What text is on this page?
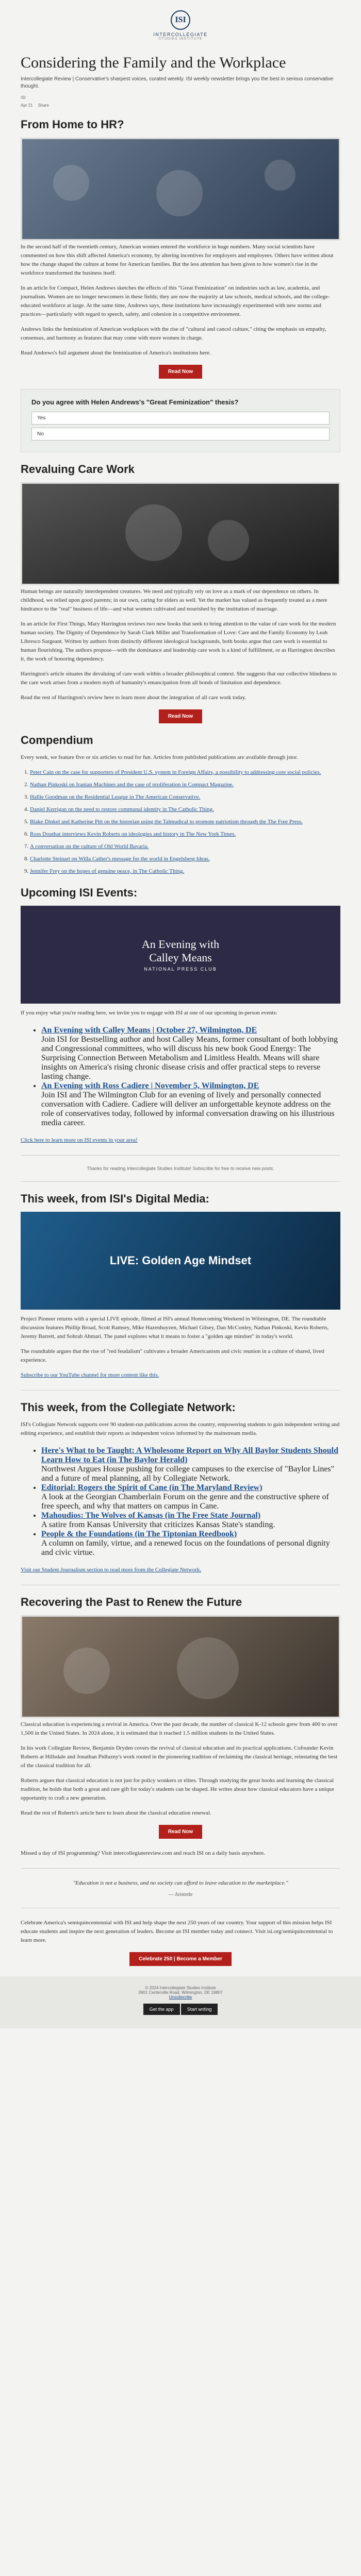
ISI
INTERCOLLEGIATE
STUDIES INSTITUTE
Considering the Family and the Workplace
Intercollegiate Review | Conservative's sharpest voices, curated weekly. ISI weekly newsletter brings you the best in serious conservative thought.
ISI
Apr 21 Share
From Home to HR?

In the second half of the twentieth century, American women entered the workforce in huge numbers. Many social scientists have commented on how this shift affected America's economy, by altering incentives for employers and employees. Others have written about how the change shaped the culture at home for American families. But the less attention has been given to how women's rise in the workforce transformed the business itself.

In an article for Compact, Helen Andrews sketches the effects of this "Great Feminization" on industries such as law, academia, and journalism. Women are no longer newcomers in these fields; they are now the majority at law schools, medical schools, and the college-educated workforce at large. At the same time, Andrews says, these institutions have increasingly experimented with new norms and practices—particularly with regard to speech, safety, and cohesion in a competitive environment.

Andrews links the feminization of American workplaces with the rise of "cultural and cancel culture," citing the emphasis on empathy, consensus, and harmony as features that may come with more women in charge.

Read Andrews's full argument about the feminization of America's institutions here.

Read Now
Do you agree with Helen Andrews's "Great Feminization" thesis?
Yes
No
Revaluing Care Work

Human beings are naturally interdependent creatures. We need and typically rely on love as a mark of our dependence on others. In childhood, we relied upon good parents; in our own, caring for elders as well. Yet the market has valued as frequently treated as a mere hindrance to the "real" business of life—and what women cultivated and nourished by the institution of marriage.

In an article for First Things, Mary Harrington reviews two new books that seek to bring attention to the value of care work for the modern human society. The Dignity of Dependence by Sarah Clark Miller and Transformation of Love: Care and the Family Economy by Leah Libresco Sargeant. Written by authors from distinctly different ideological backgrounds, both books argue that care work is essential to human flourishing. The authors propose—with the dominance and leadership care work is a kind of fulfillment, or as Harrington describes it, the work of honoring dependency.

Harrington's article situates the devaluing of care work within a broader philosophical context. She suggests that our collective blindness to the care work arises from a modern myth of humanity's emancipation from all bonds of limitation and dependence.

Read the rest of Harrington's review here to learn more about the integration of all care work today.

Read Now
Compendium

Every week, we feature five or six articles to read for fun. Articles from published publications are available through jstor.

1. Peter Cain on the case for supporters of President U.S. system in Foreign Affairs, a possibility to addressing core social policies.
2. Nathan Pinkoski on Iranian Machines and the case of proliferation in Compact Magazine.
3. Hallie Goodman on the Residential League in The American Conservative.
4. Daniel Kerrigan on the need to restore communal identity in The Catholic Thing.
5. Blake Dinkel and Katherine Pitt on the historian using the Talmudical to promote patriotism through the The Free Press.
6. Ross Douthat interviews Kevin Roberts on ideologies and history in The New York Times.
7. A conversation on the culture of Old World Bavaria.
8. Charlotte Steinart on Willa Cather's message for the world in Engelsberg Ideas.
9. Jennifer Frey on the hopes of genuine peace, in The Catholic Thing.
Upcoming ISI Events:
An Evening with
Calley Means
NATIONAL PRESS CLUB

If you enjoy what you're reading here, we invite you to engage with ISI at one of our upcoming in-person events:

• An Evening with Calley Means | October 27, Wilmington, DE
Join ISI for Bestselling author and host Calley Means, former consultant of both lobbying and Congressional committees, who will discuss his new book Good Energy: The Surprising Connection Between Metabolism and Limitless Health. Means will share insights on America's rising chronic disease crisis and offer practical steps to reverse lasting change.
• An Evening with Ross Cadiere | November 5, Wilmington, DE
Join ISI and The Wilmington Club for an evening of lively and personally connected conversation with Cadiere. Cadiere will deliver an unforgettable keynote address on the role of conservatives today, followed by informal conversation drawing on his illustrious media career.

Click here to learn more on ISI events in your area!

Thanks for reading Intercollegiate Studies Institute! Subscribe for free to receive new posts.
This week, from ISI's Digital Media:
LIVE: Golden Age Mindset

Project Pioneer returns with a special LIVE episode, filmed at ISI's annual Homecoming Weekend in Wilmington, DE. The roundtable discussion features Phillip Broad, Scott Ramsey, Mike Hazenhuyzen, Michael Gilsey, Dan McConley, Nathan Pinkoski, Kevin Roberts, Jeremy Barrett, and Sohrab Ahmari. The panel explores what it means to foster a "golden age mindset" in today's world.

The roundtable argues that the rise of "red feudalism" cultivates a broader Americanism and civic reunion in a culture of shared, lived experience.

Subscribe to our YouTube channel for more content like this.

This week, from the Collegiate Network:

ISI's Collegiate Network supports over 90 student-run publications across the country, empowering students to gain independent writing and editing experience, and establish their reports as independent voices informed by the mainstream media.

• Here's What to be Taught: A Wholesome Report on Why All Baylor Students Should Learn How to Eat (in The Baylor Herald)
Northwest Argues House pushing for college campuses to the exercise of "Baylor Lines" and a future of meal planning, all by Collegiate Network.
• Editorial: Rogers the Spirit of Cane (in The Maryland Review)
A look at the Georgian Chamberlain Forum on the genre and the constructive sphere of free speech, and why that matters on campus in Cane.
• Mahoudios: The Wolves of Kansas (in The Free State Journal)
A satire from Kansas University that criticizes Kansas State's standing.
• People & the Foundations (in The Tiptonian Reedbook)
A column on family, virtue, and a renewed focus on the foundations of personal dignity and civic virtue.

Visit our Student Journalism section to read more from the Collegiate Network.

Recovering the Past to Renew the Future

Classical education is experiencing a revival in America. Over the past decade, the number of classical K-12 schools grew from 400 to over 1,500 in the United States. In 2024 alone, it is estimated that it reached 1.5 million students in the United States.

In his work Collegiate Review, Benjamin Dryden covers the revival of classical education and its practical applications. Cofounder Kevin Roberts at Hillsdale and Jonathan Pidluzny's work rooted in the pioneering tradition of reclaiming the classical heritage, reinstating the best of the classical tradition for all.

Roberts argues that classical education is not just for policy wonkers or elites. Through studying the great books and learning the classical tradition, he holds that both a great and rare gift for today's students can be shaped. He writes about how classical educators have a unique opportunity to craft a new generation.

Read the rest of Roberts's article here to learn about the classical education renewal.

Read Now

Missed a day of ISI programming? Visit intercollegiatereview.com and reach ISI on a daily basis anywhere.

"Education is not a business, and no society can afford to leave education to the marketplace."
— Aristotle

Celebrate America's semiquincentennial with ISI and help shape the next 250 years of our country. Your support of this mission helps ISI educate students and inspire the next generation of leaders. Become an ISI member today and connect. Visit isi.org/semiquincentennial to learn more.

Celebrate 250 | Become a Member
© 2024 Intercollegiate Studies Institute
3901 Centerville Road, Wilmington, DE 19807
Unsubscribe
Get the app	Start writing
